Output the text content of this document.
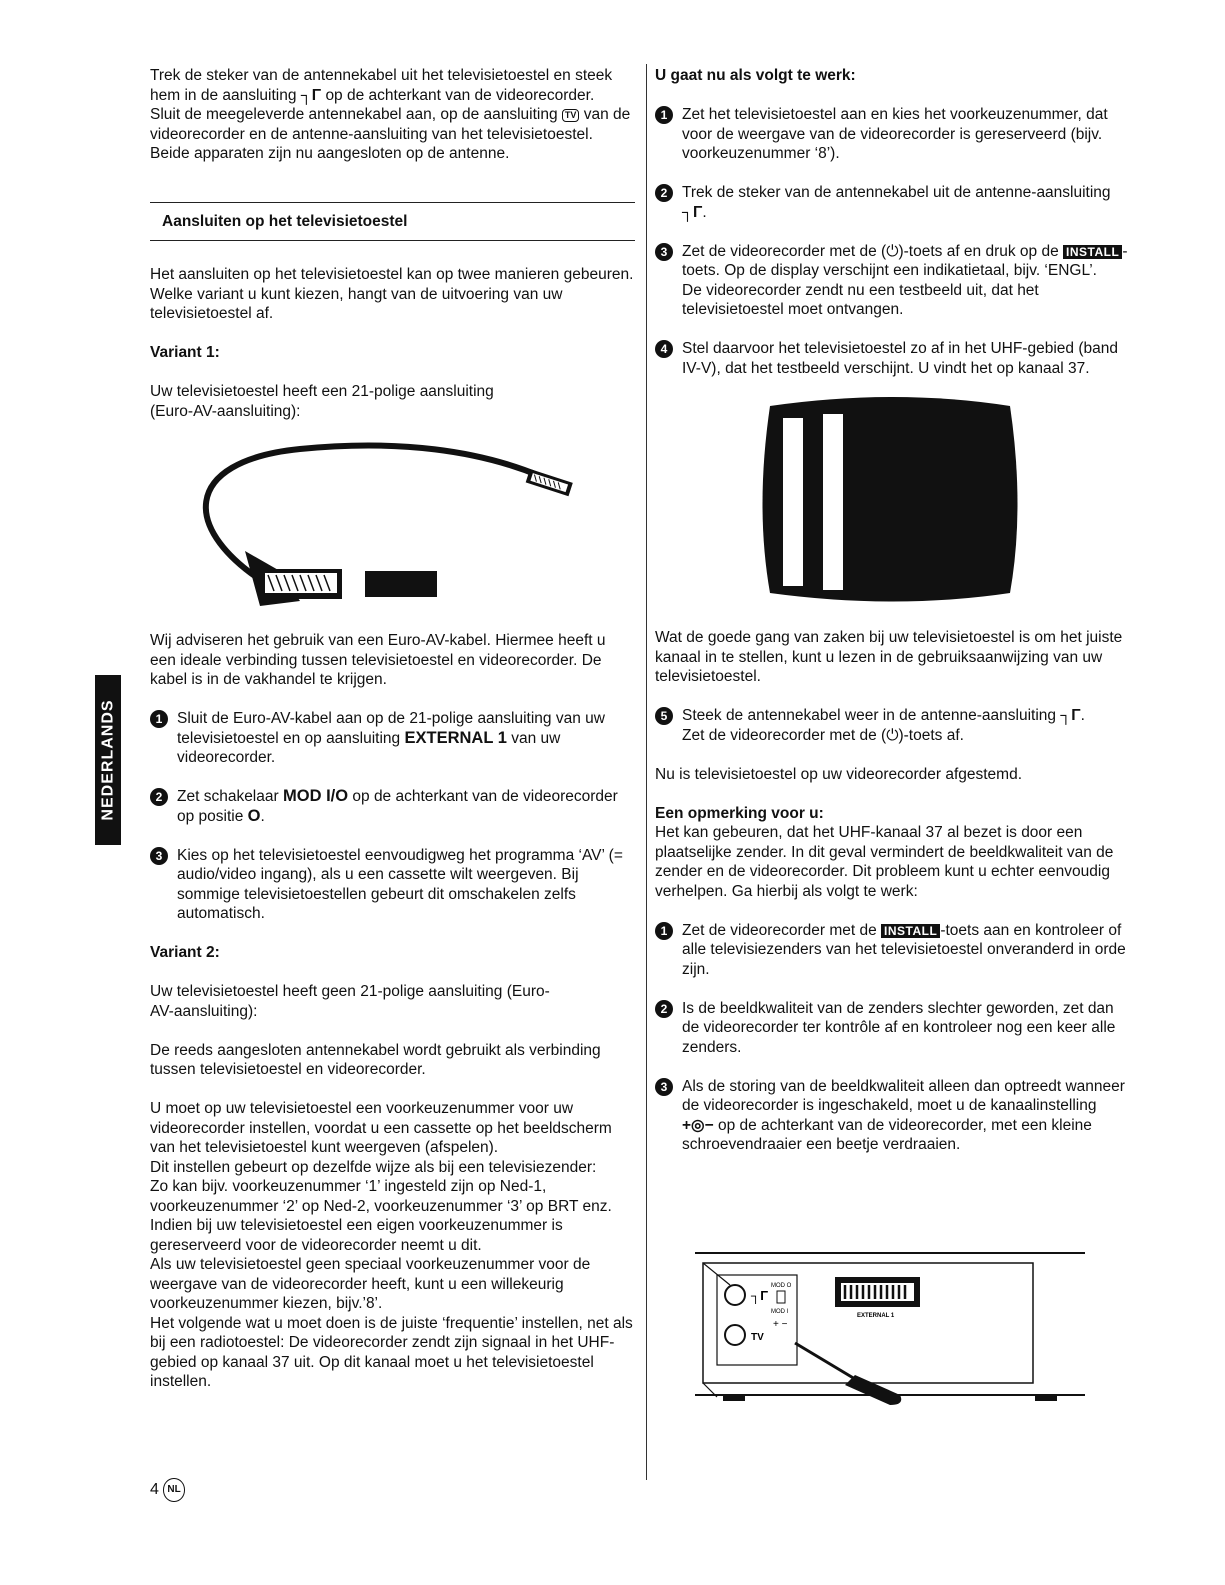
NEDERLANDS

Trek de steker van de antennekabel uit het televisietoestel en steek hem in de aansluiting ┐Γ op de achterkant van de videorecorder.
Sluit de meegeleverde antennekabel aan, op de aansluiting TV van de videorecorder en de antenne-aansluiting van het televisietoestel.
Beide apparaten zijn nu aangesloten op de antenne.

Aansluiten op het televisietoestel

Het aansluiten op het televisietoestel kan op twee manieren gebeuren. Welke variant u kunt kiezen, hangt van de uitvoering van uw televisietoestel af.

Variant 1:

Uw televisietoestel heeft een 21-polige aansluiting (Euro-AV-aansluiting):

Wij adviseren het gebruik van een Euro-AV-kabel. Hiermee heeft u een ideale verbinding tussen televisietoestel en videorecorder. De kabel is in de vakhandel te krijgen.

1 Sluit de Euro-AV-kabel aan op de 21-polige aansluiting van uw televisietoestel en op aansluiting EXTERNAL 1 van uw videorecorder.
2 Zet schakelaar MOD I/O op de achterkant van de videorecorder op positie O.
3 Kies op het televisietoestel eenvoudigweg het programma ‘AV’ (= audio/video ingang), als u een cassette wilt weergeven. Bij sommige televisietoestellen gebeurt dit omschakelen zelfs automatisch.

Variant 2:

Uw televisietoestel heeft geen 21-polige aansluiting (Euro-AV-aansluiting):

De reeds aangesloten antennekabel wordt gebruikt als verbinding tussen televisietoestel en videorecorder.

U moet op uw televisietoestel een voorkeuzenummer voor uw videorecorder instellen, voordat u een cassette op het beeldscherm van het televisietoestel kunt weergeven (afspelen).
Dit instellen gebeurt op dezelfde wijze als bij een televisiezender:
Zo kan bijv. voorkeuzenummer ‘1’ ingesteld zijn op Ned-1, voorkeuzenummer ‘2’ op Ned-2, voorkeuzenummer ‘3’ op BRT enz.
Indien bij uw televisietoestel een eigen voorkeuzenummer is gereserveerd voor de videorecorder neemt u dit.
Als uw televisietoestel geen speciaal voorkeuzenummer voor de weergave van de videorecorder heeft, kunt u een willekeurig voorkeuzenummer kiezen, bijv.’8’.
Het volgende wat u moet doen is de juiste ‘frequentie’ instellen, net als bij een radiotoestel: De videorecorder zendt zijn signaal in het UHF-gebied op kanaal 37 uit. Op dit kanaal moet u het televisietoestel instellen.

U gaat nu als volgt te werk:

1 Zet het televisietoestel aan en kies het voorkeuzenummer, dat voor de weergave van de videorecorder is gereserveerd (bijv. voorkeuzenummer ‘8’).
2 Trek de steker van de antennekabel uit de antenne-aansluiting ┐Γ.
3 Zet de videorecorder met de (⏻)-toets af en druk op de INSTALL -toets. Op de display verschijnt een indikatietaal, bijv. ‘ENGL’.
De videorecorder zendt nu een testbeeld uit, dat het televisietoestel moet ontvangen.
4 Stel daarvoor het televisietoestel zo af in het UHF-gebied (band IV-V), dat het testbeeld verschijnt. U vindt het op kanaal 37.

Wat de goede gang van zaken bij uw televisietoestel is om het juiste kanaal in te stellen, kunt u lezen in de gebruiksaanwijzing van uw televisietoestel.

5 Steek de antennekabel weer in de antenne-aansluiting ┐Γ.
Zet de videorecorder met de (⏻)-toets af.

Nu is televisietoestel op uw videorecorder afgestemd.

Een opmerking voor u:

Het kan gebeuren, dat het UHF-kanaal 37 al bezet is door een plaatselijke zender. In dit geval vermindert de beeldkwaliteit van de zender en de videorecorder. Dit probleem kunt u echter eenvoudig verhelpen. Ga hierbij als volgt te werk:

1 Zet de videorecorder met de INSTALL -toets aan en kontroleer of alle televisiezenders van het televisietoestel onveranderd in orde zijn.
2 Is de beeldkwaliteit van de zenders slechter geworden, zet dan de videorecorder ter kontrôle af en kontroleer nog een keer alle zenders.
3 Als de storing van de beeldkwaliteit alleen dan optreedt wanneer de videorecorder is ingeschakeld, moet u de kanaalinstelling +◎− op de achterkant van de videorecorder, met een kleine schroevendraaier een beetje verdraaien.
┐Γ
TV
MOD O
MOD I
+ −
EXTERNAL 1
4 NL
